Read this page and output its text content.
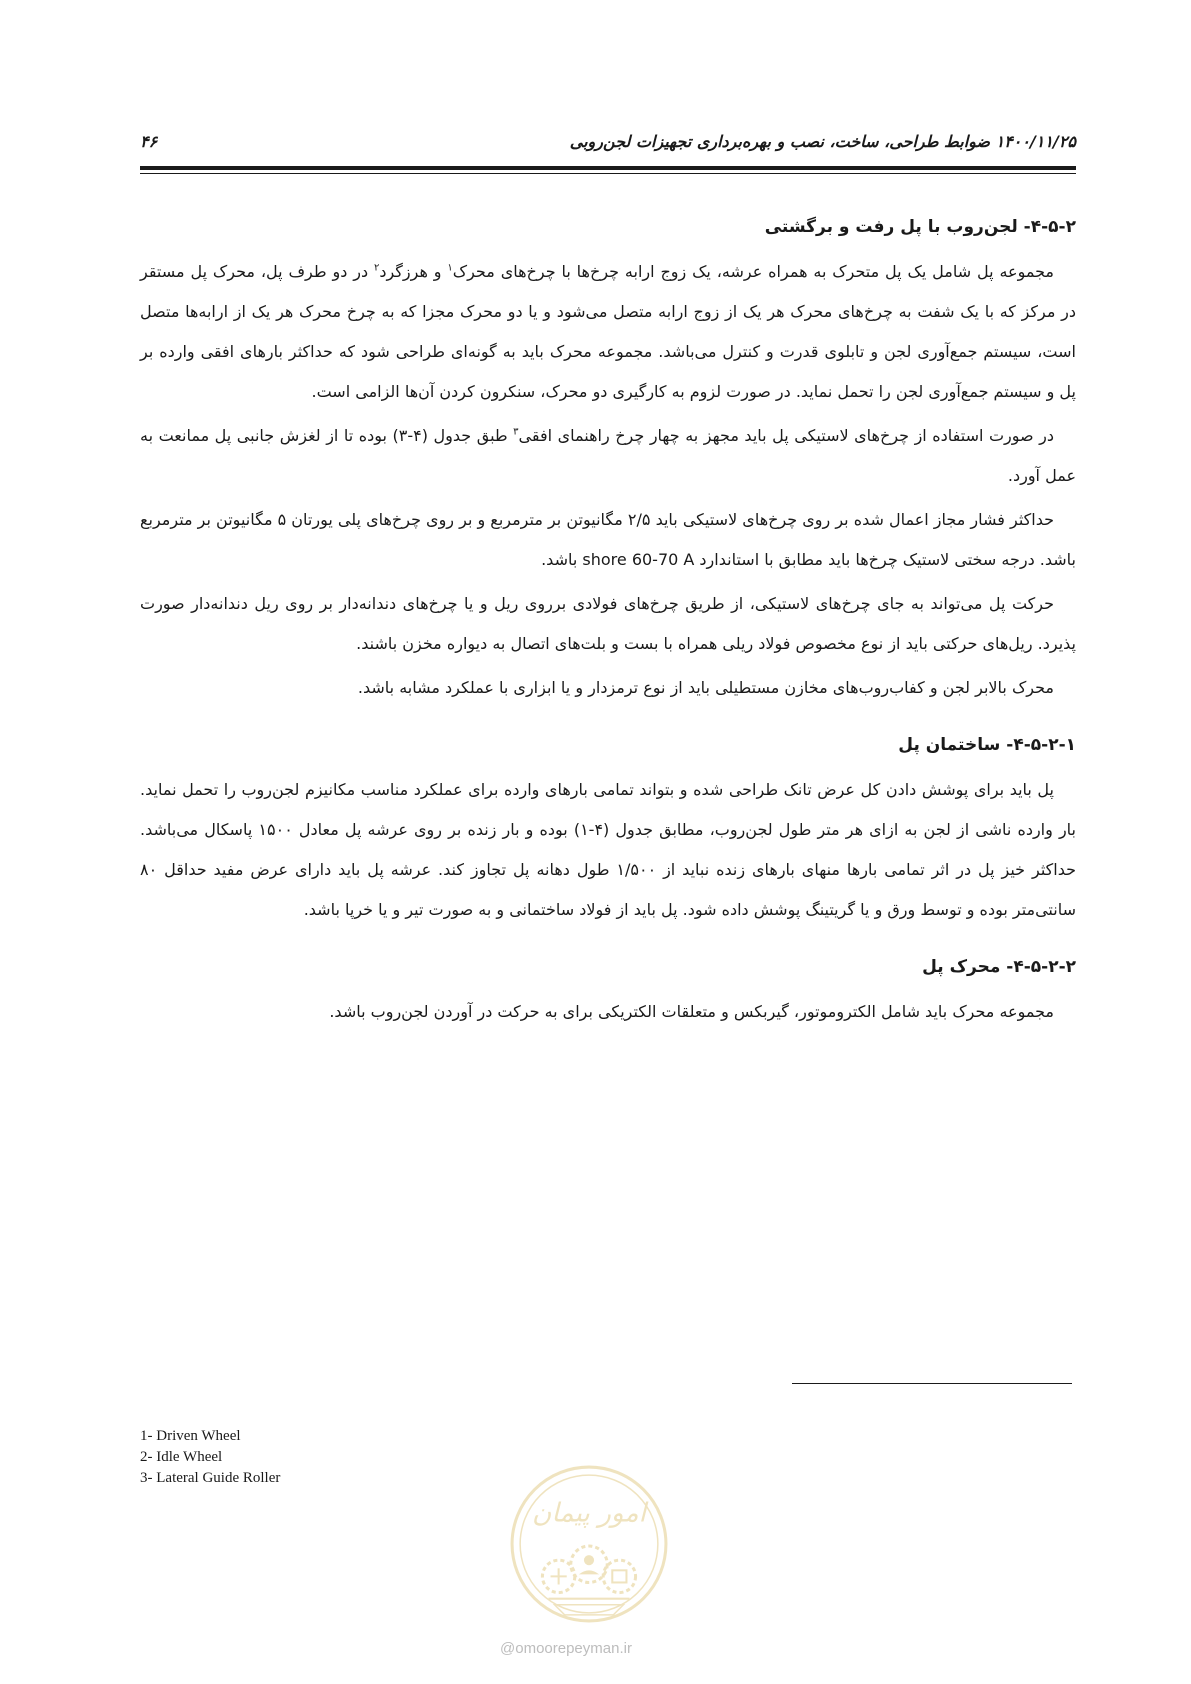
۱۴۰۰/۱۱/۲۵ ضوابط طراحی، ساخت، نصب و بهره‌برداری تجهیزات لجن‌روبی
۴۶
۴-۵-۲- لجن‌روب با پل رفت و برگشتی

مجموعه پل شامل یک پل متحرک به همراه عرشه، یک زوج ارابه چرخ‌ها با چرخ‌های محرک$^۱$ و هرزگرد$^۲$ در دو طرف پل، محرک پل مستقر در مرکز که با یک شفت به چرخ‌های محرک هر یک از زوج ارابه متصل می‌شود و یا دو محرک مجزا که به چرخ محرک هر یک از ارابه‌ها متصل است، سیستم جمع‌آوری لجن و تابلوی قدرت و کنترل می‌باشد. مجموعه محرک باید به گونه‌ای طراحی شود که حداکثر بارهای افقی وارده بر پل و سیستم جمع‌آوری لجن را تحمل نماید. در صورت لزوم به کارگیری دو محرک، سنکرون کردن آن‌ها الزامی است.

در صورت استفاده از چرخ‌های لاستیکی پل باید مجهز به چهار چرخ راهنمای افقی$^۳$ طبق جدول (۴-۳) بوده تا از لغزش جانبی پل ممانعت به عمل آورد.

حداکثر فشار مجاز اعمال شده بر روی چرخ‌های لاستیکی باید ۲/۵ مگانیوتن بر مترمربع و بر روی چرخ‌های پلی یورتان ۵ مگانیوتن بر مترمربع باشد. درجه سختی لاستیک چرخ‌ها باید مطابق با استاندارد shore 60-70 A باشد.

حرکت پل می‌تواند به جای چرخ‌های لاستیکی، از طریق چرخ‌های فولادی برروی ریل و یا چرخ‌های دندانه‌دار بر روی ریل دندانه‌دار صورت پذیرد. ریل‌های حرکتی باید از نوع مخصوص فولاد ریلی همراه با بست و بلت‌های اتصال به دیواره مخزن باشند.

محرک بالابر لجن و کفاب‌روب‌های مخازن مستطیلی باید از نوع ترمزدار و یا ابزاری با عملکرد مشابه باشد.

۴-۵-۲-۱- ساختمان پل

پل باید برای پوشش دادن کل عرض تانک طراحی شده و بتواند تمامی بارهای وارده برای عملکرد مناسب مکانیزم لجن‌روب را تحمل نماید. بار وارده ناشی از لجن به ازای هر متر طول لجن‌روب، مطابق جدول (۴-۱) بوده و بار زنده بر روی عرشه پل معادل ۱۵۰۰ پاسکال می‌باشد. حداکثر خیز پل در اثر تمامی بارها منهای بارهای زنده نباید از ۱/۵۰۰ طول دهانه پل تجاوز کند. عرشه پل باید دارای عرض مفید حداقل ۸۰ سانتی‌متر بوده و توسط ورق و یا گریتینگ پوشش داده شود. پل باید از فولاد ساختمانی و به صورت تیر و یا خرپا باشد.

۴-۵-۲-۲- محرک پل

مجموعه محرک باید شامل الکتروموتور، گیربکس و متعلقات الکتریکی برای به حرکت در آوردن لجن‌روب باشد.

1- Driven Wheel
2- Idle Wheel
3- Lateral Guide Roller
امور پیمان
@omoorepeyman.ir
